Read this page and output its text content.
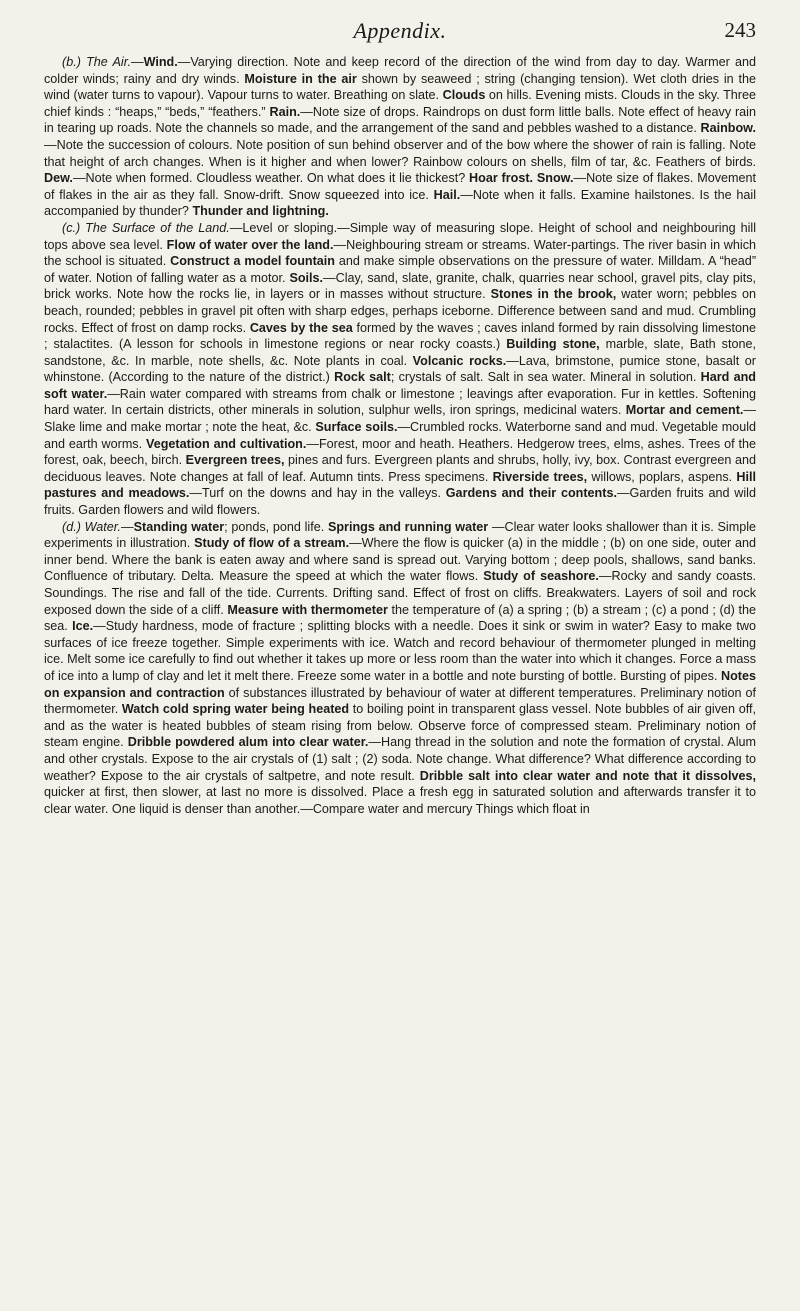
Appendix.	243

(b.) The Air.—Wind.—Varying direction. Note and keep record of the direction of the wind from day to day. Warmer and colder winds; rainy and dry winds. Moisture in the air shown by seaweed ; string (changing tension). Wet cloth dries in the wind (water turns to vapour). Vapour turns to water. Breathing on slate. Clouds on hills. Evening mists. Clouds in the sky. Three chief kinds : “heaps,” “beds,” “feathers.” Rain.—Note size of drops. Raindrops on dust form little balls. Note effect of heavy rain in tearing up roads. Note the channels so made, and the arrangement of the sand and pebbles washed to a distance. Rainbow.—Note the succession of colours. Note position of sun behind observer and of the bow where the shower of rain is falling. Note that height of arch changes. When is it higher and when lower? Rainbow colours on shells, film of tar, &c. Feathers of birds. Dew.—Note when formed. Cloudless weather. On what does it lie thickest? Hoar frost. Snow.—Note size of flakes. Movement of flakes in the air as they fall. Snow-drift. Snow squeezed into ice. Hail.—Note when it falls. Examine hailstones. Is the hail accompanied by thunder? Thunder and lightning.

(c.) The Surface of the Land.—Level or sloping.—Simple way of measuring slope. Height of school and neighbouring hill tops above sea level. Flow of water over the land.—Neighbouring stream or streams. Water-partings. The river basin in which the school is situated. Construct a model fountain and make simple observations on the pressure of water. Milldam. A “head” of water. Notion of falling water as a motor. Soils.—Clay, sand, slate, granite, chalk, quarries near school, gravel pits, clay pits, brick works. Note how the rocks lie, in layers or in masses without structure. Stones in the brook, water worn; pebbles on beach, rounded; pebbles in gravel pit often with sharp edges, perhaps iceborne. Difference between sand and mud. Crumbling rocks. Effect of frost on damp rocks. Caves by the sea formed by the waves ; caves inland formed by rain dissolving limestone ; stalactites. (A lesson for schools in limestone regions or near rocky coasts.) Building stone, marble, slate, Bath stone, sandstone, &c. In marble, note shells, &c. Note plants in coal. Volcanic rocks.—Lava, brimstone, pumice stone, basalt or whinstone. (According to the nature of the district.) Rock salt; crystals of salt. Salt in sea water. Mineral in solution. Hard and soft water.—Rain water compared with streams from chalk or limestone ; leavings after evaporation. Fur in kettles. Softening hard water. In certain districts, other minerals in solution, sulphur wells, iron springs, medicinal waters. Mortar and cement.—Slake lime and make mortar ; note the heat, &c. Surface soils.—Crumbled rocks. Waterborne sand and mud. Vegetable mould and earth worms. Vegetation and cultivation.—Forest, moor and heath. Heathers. Hedgerow trees, elms, ashes. Trees of the forest, oak, beech, birch. Evergreen trees, pines and furs. Evergreen plants and shrubs, holly, ivy, box. Contrast evergreen and deciduous leaves. Note changes at fall of leaf. Autumn tints. Press specimens. Riverside trees, willows, poplars, aspens. Hill pastures and meadows.—Turf on the downs and hay in the valleys. Gardens and their contents.—Garden fruits and wild fruits. Garden flowers and wild flowers.

(d.) Water.—Standing water; ponds, pond life. Springs and running water —Clear water looks shallower than it is. Simple experiments in illustration. Study of flow of a stream.—Where the flow is quicker (a) in the middle ; (b) on one side, outer and inner bend. Where the bank is eaten away and where sand is spread out. Varying bottom ; deep pools, shallows, sand banks. Confluence of tributary. Delta. Measure the speed at which the water flows. Study of seashore.—Rocky and sandy coasts. Soundings. The rise and fall of the tide. Currents. Drifting sand. Effect of frost on cliffs. Breakwaters. Layers of soil and rock exposed down the side of a cliff. Measure with thermometer the temperature of (a) a spring ; (b) a stream ; (c) a pond ; (d) the sea. Ice.—Study hardness, mode of fracture ; splitting blocks with a needle. Does it sink or swim in water? Easy to make two surfaces of ice freeze together. Simple experiments with ice. Watch and record behaviour of thermometer plunged in melting ice. Melt some ice carefully to find out whether it takes up more or less room than the water into which it changes. Force a mass of ice into a lump of clay and let it melt there. Freeze some water in a bottle and note bursting of bottle. Bursting of pipes. Notes on expansion and contraction of substances illustrated by behaviour of water at different temperatures. Preliminary notion of thermometer. Watch cold spring water being heated to boiling point in transparent glass vessel. Note bubbles of air given off, and as the water is heated bubbles of steam rising from below. Observe force of compressed steam. Preliminary notion of steam engine. Dribble powdered alum into clear water.—Hang thread in the solution and note the formation of crystal. Alum and other crystals. Expose to the air crystals of (1) salt ; (2) soda. Note change. What difference? What difference according to weather? Expose to the air crystals of saltpetre, and note result. Dribble salt into clear water and note that it dissolves, quicker at first, then slower, at last no more is dissolved. Place a fresh egg in saturated solution and afterwards transfer it to clear water. One liquid is denser than another.—Compare water and mercury Things which float in
